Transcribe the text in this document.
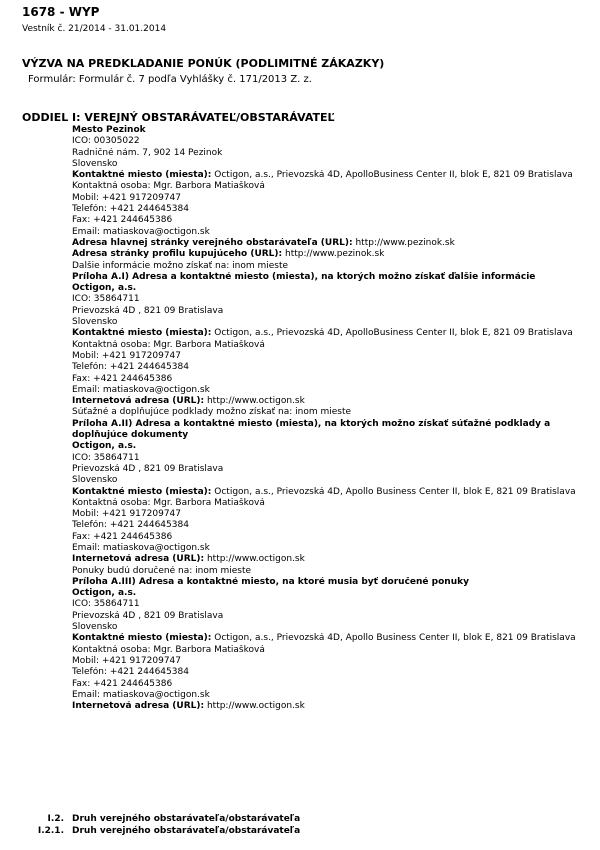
1678 - WYP
Vestník č. 21/2014 - 31.01.2014
VÝZVA NA PREDKLADANIE PONÚK (PODLIMITNÉ ZÁKAZKY)
Formulár: Formulár č. 7 podľa Vyhlášky č. 171/2013 Z. z.
ODDIEL I: VEREJNÝ OBSTARÁVATEĽ/OBSTARÁVATEĽ
Mesto Pezinok
IČO: 00305022
Radničné nám. 7, 902 14 Pezinok
Slovensko
Kontaktné miesto (miesta): Octigon, a.s., Prievozská 4D, ApolloBusiness Center II, blok E, 821 09 Bratislava
Kontaktná osoba: Mgr. Barbora Matiašková
Mobil: +421 917209747
Telefón: +421 244645384
Fax: +421 244645386
Email: matiaskova@octigon.sk
Adresa hlavnej stránky verejného obstarávateľa (URL): http://www.pezinok.sk
Adresa stránky profilu kupujúceho (URL): http://www.pezinok.sk
Ďalšie informácie možno získať na: inom mieste
Príloha A.I) Adresa a kontaktné miesto (miesta), na ktorých možno získať ďalšie informácie
Octigon, a.s.
IČO: 35864711
Prievozská 4D , 821 09 Bratislava
Slovensko
Kontaktné miesto (miesta): Octigon, a.s., Prievozská 4D, ApolloBusiness Center II, blok E, 821 09 Bratislava
Kontaktná osoba: Mgr. Barbora Matiašková
Mobil: +421 917209747
Telefón: +421 244645384
Fax: +421 244645386
Email: matiaskova@octigon.sk
Internetová adresa (URL): http://www.octigon.sk
Súťažné a doplňujúce podklady možno získať na: inom mieste
Príloha A.II) Adresa a kontaktné miesto (miesta), na ktorých možno získať súťažné podklady a
doplňujúce dokumenty
Octigon, a.s.
IČO: 35864711
Prievozská 4D , 821 09 Bratislava
Slovensko
Kontaktné miesto (miesta): Octigon, a.s., Prievozská 4D, Apollo Business Center II, blok E, 821 09 Bratislava
Kontaktná osoba: Mgr. Barbora Matiašková
Mobil: +421 917209747
Telefón: +421 244645384
Fax: +421 244645386
Email: matiaskova@octigon.sk
Internetová adresa (URL): http://www.octigon.sk
Ponuky budú doručené na: inom mieste
Príloha A.III) Adresa a kontaktné miesto, na ktoré musia byť doručené ponuky
Octigon, a.s.
IČO: 35864711
Prievozská 4D , 821 09 Bratislava
Slovensko
Kontaktné miesto (miesta): Octigon, a.s., Prievozská 4D, Apollo Business Center II, blok E, 821 09 Bratislava
Kontaktná osoba: Mgr. Barbora Matiašková
Mobil: +421 917209747
Telefón: +421 244645384
Fax: +421 244645386
Email: matiaskova@octigon.sk
Internetová adresa (URL): http://www.octigon.sk
I.2. Druh verejného obstarávateľa/obstarávateľa
I.2.1. Druh verejného obstarávateľa/obstarávateľa
